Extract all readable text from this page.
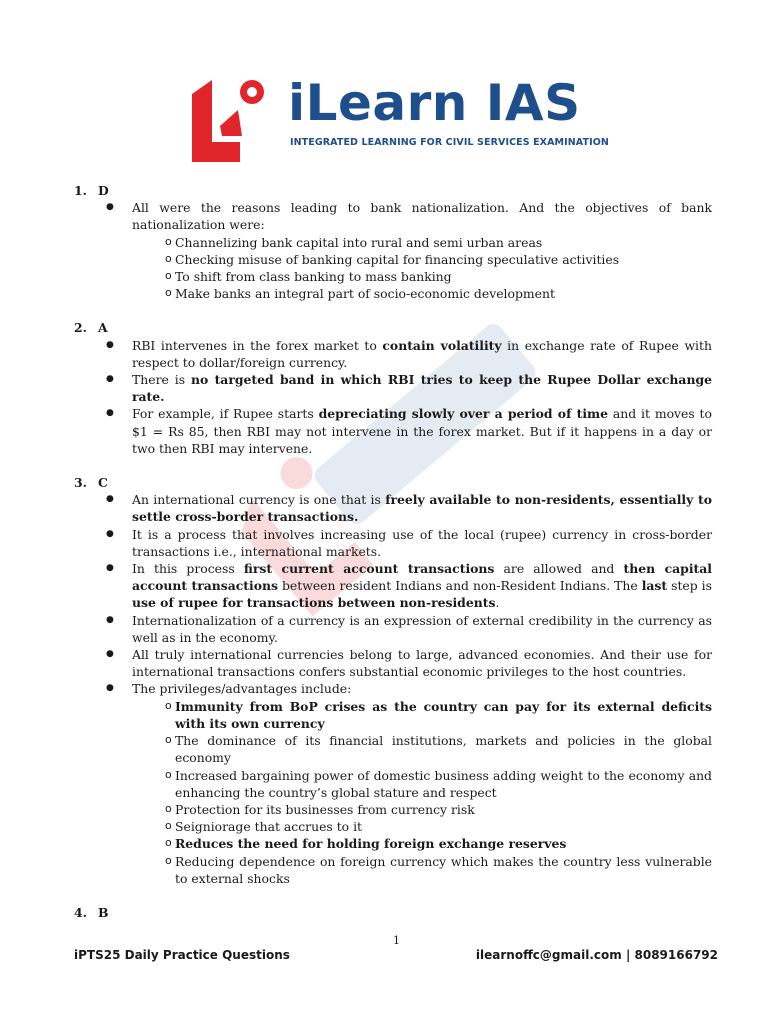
iLearn IAS
INTEGRATED LEARNING FOR CIVIL SERVICES EXAMINATION
1. D
● All were the reasons leading to bank nationalization. And the objectives of bank nationalization were:
o Channelizing bank capital into rural and semi urban areas
o Checking misuse of banking capital for financing speculative activities
o To shift from class banking to mass banking
o Make banks an integral part of socio-economic development
2. A
● RBI intervenes in the forex market to contain volatility in exchange rate of Rupee with respect to dollar/foreign currency.
● There is no targeted band in which RBI tries to keep the Rupee Dollar exchange rate.
● For example, if Rupee starts depreciating slowly over a period of time and it moves to $1 = Rs 85, then RBI may not intervene in the forex market. But if it happens in a day or two then RBI may intervene.
3. C
● An international currency is one that is freely available to non-residents, essentially to settle cross-border transactions.
● It is a process that involves increasing use of the local (rupee) currency in cross-border transactions i.e., international markets.
● In this process first current account transactions are allowed and then capital account transactions between resident Indians and non-Resident Indians. The last step is use of rupee for transactions between non-residents.
● Internationalization of a currency is an expression of external credibility in the currency as well as in the economy.
● All truly international currencies belong to large, advanced economies. And their use for international transactions confers substantial economic privileges to the host countries.
● The privileges/advantages include:
o Immunity from BoP crises as the country can pay for its external deficits with its own currency
o The dominance of its financial institutions, markets and policies in the global economy
o Increased bargaining power of domestic business adding weight to the economy and enhancing the country’s global stature and respect
o Protection for its businesses from currency risk
o Seigniorage that accrues to it
o Reduces the need for holding foreign exchange reserves
o Reducing dependence on foreign currency which makes the country less vulnerable to external shocks
4. B
1
iPTS25 Daily Practice Questions	ilearnoffc@gmail.com | 8089166792
